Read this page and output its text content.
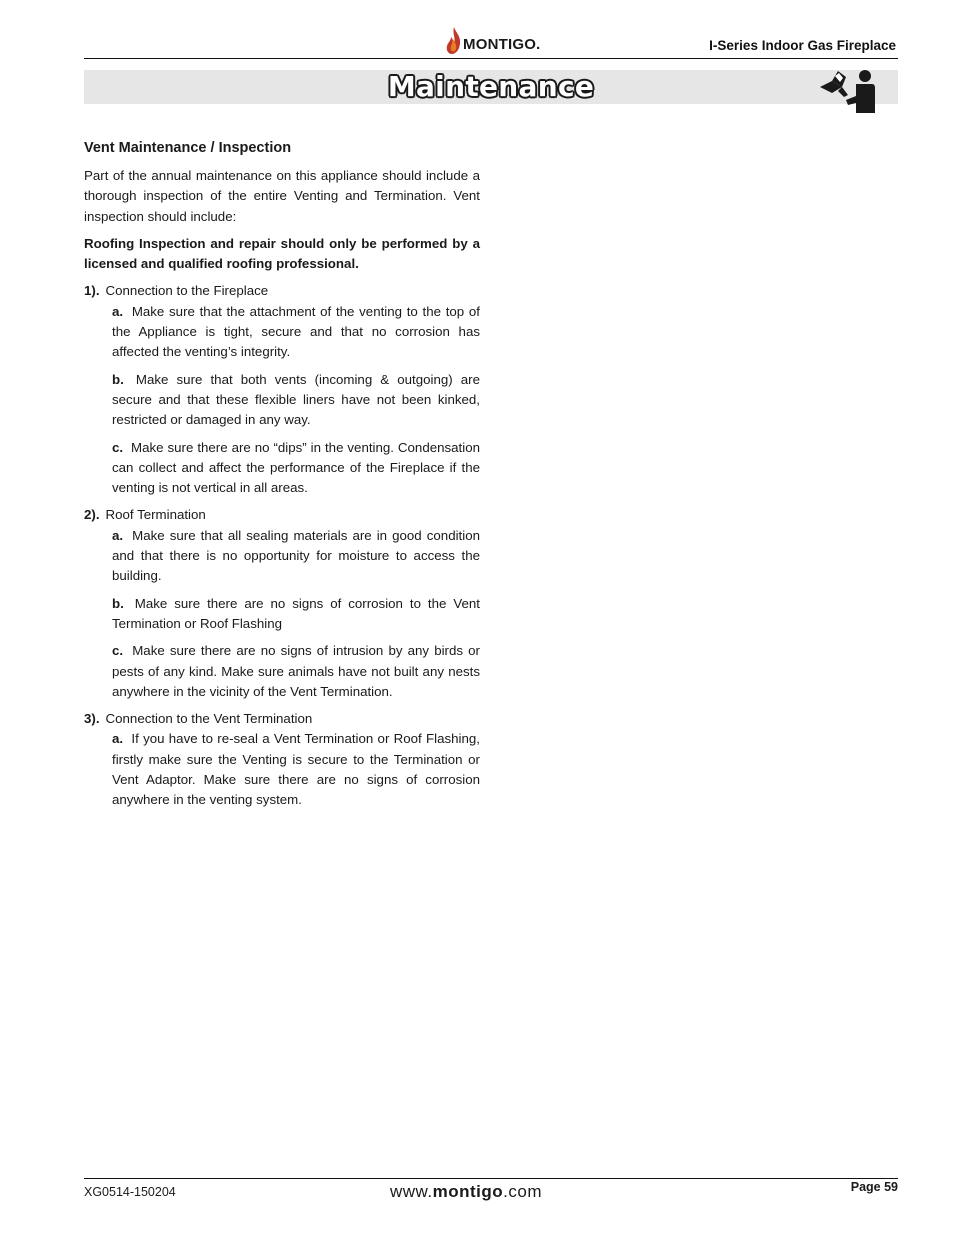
MONTIGO.	I-Series Indoor Gas Fireplace
Maintenance
Vent Maintenance / Inspection

Part of the annual maintenance on this appliance should include a thorough inspection of the entire Venting and Termination. Vent inspection should include:

Roofing Inspection and repair should only be performed by a licensed and qualified roofing professional.

1). Connection to the Fireplace

a. Make sure that the attachment of the venting to the top of the Appliance is tight, secure and that no corrosion has affected the venting’s integrity.

b. Make sure that both vents (incoming & outgoing) are secure and that these flexible liners have not been kinked, restricted or damaged in any way.

c. Make sure there are no “dips” in the venting. Condensation can collect and affect the performance of the Fireplace if the venting is not vertical in all areas.

2). Roof Termination

a. Make sure that all sealing materials are in good condition and that there is no opportunity for moisture to access the building.

b. Make sure there are no signs of corrosion to the Vent Termination or Roof Flashing

c. Make sure there are no signs of intrusion by any birds or pests of any kind. Make sure animals have not built any nests anywhere in the vicinity of the Vent Termination.

3). Connection to the Vent Termination

a. If you have to re-seal a Vent Termination or Roof Flashing, firstly make sure the Venting is secure to the Termination or Vent Adaptor. Make sure there are no signs of corrosion anywhere in the venting system.

XG0514-150204	www.montigo.com	Page 59
